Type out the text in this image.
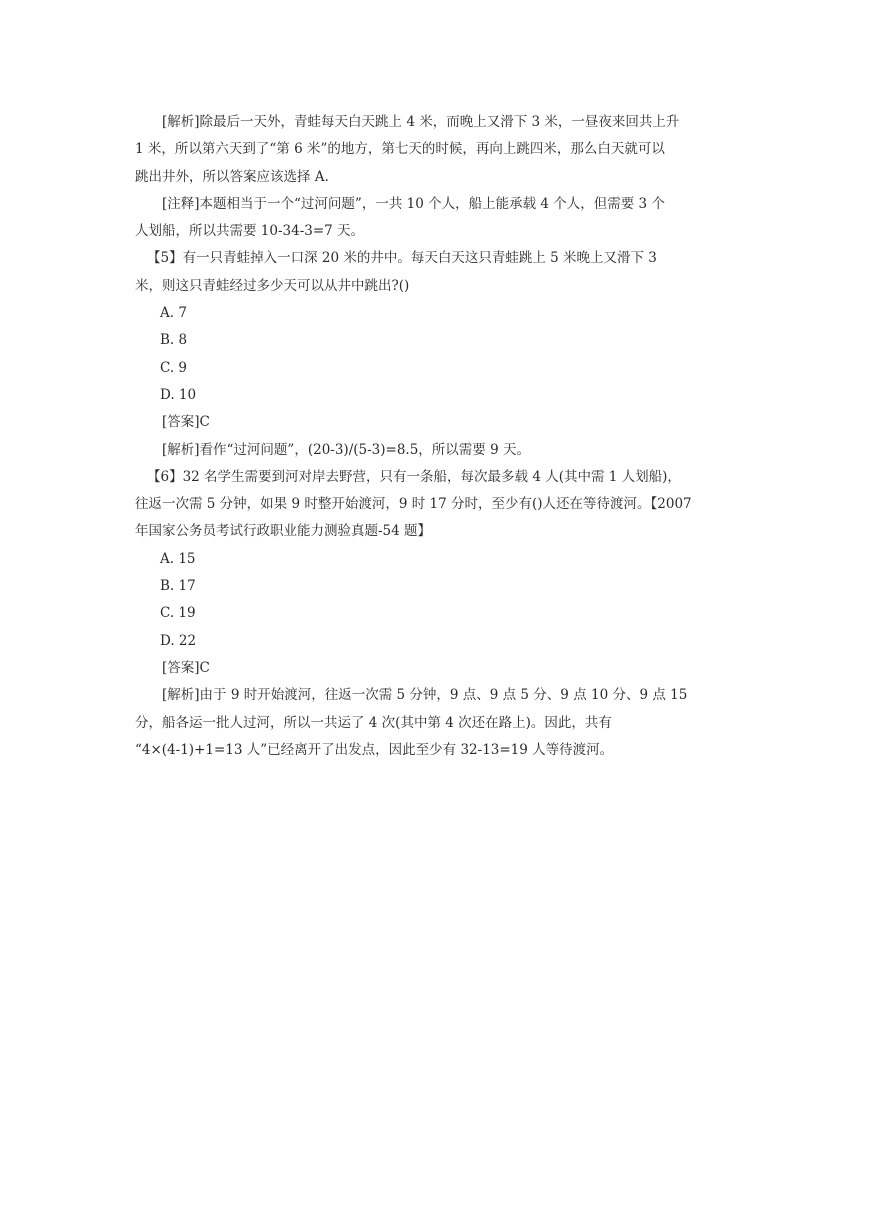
[解析]除最后一天外，青蛙每天白天跳上 4 米，而晚上又滑下 3 米，一昼夜来回共上升
1 米，所以第六天到了“第 6 米”的地方，第七天的时候，再向上跳四米，那么白天就可以
跳出井外，所以答案应该选择 A.
[注释]本题相当于一个“过河问题”，一共 10 个人，船上能承载 4 个人，但需要 3 个
人划船，所以共需要 10-34-3=7 天。
【5】有一只青蛙掉入一口深 20 米的井中。每天白天这只青蛙跳上 5 米晚上又滑下 3
米，则这只青蛙经过多少天可以从井中跳出?()

A. 7

B. 8

C. 9

D. 10

[答案]C

[解析]看作“过河问题”，(20-3)/(5-3)=8.5，所以需要 9 天。

【6】32 名学生需要到河对岸去野营，只有一条船，每次最多载 4 人(其中需 1 人划船)，
往返一次需 5 分钟，如果 9 时整开始渡河，9 时 17 分时，至少有()人还在等待渡河。【2007
年国家公务员考试行政职业能力测验真题-54 题】

A. 15

B. 17

C. 19

D. 22

[答案]C

[解析]由于 9 时开始渡河，往返一次需 5 分钟，9 点、9 点 5 分、9 点 10 分、9 点 15
分，船各运一批人过河，所以一共运了 4 次(其中第 4 次还在路上)。因此，共有
“4×(4-1)+1=13 人”已经离开了出发点，因此至少有 32-13=19 人等待渡河。
